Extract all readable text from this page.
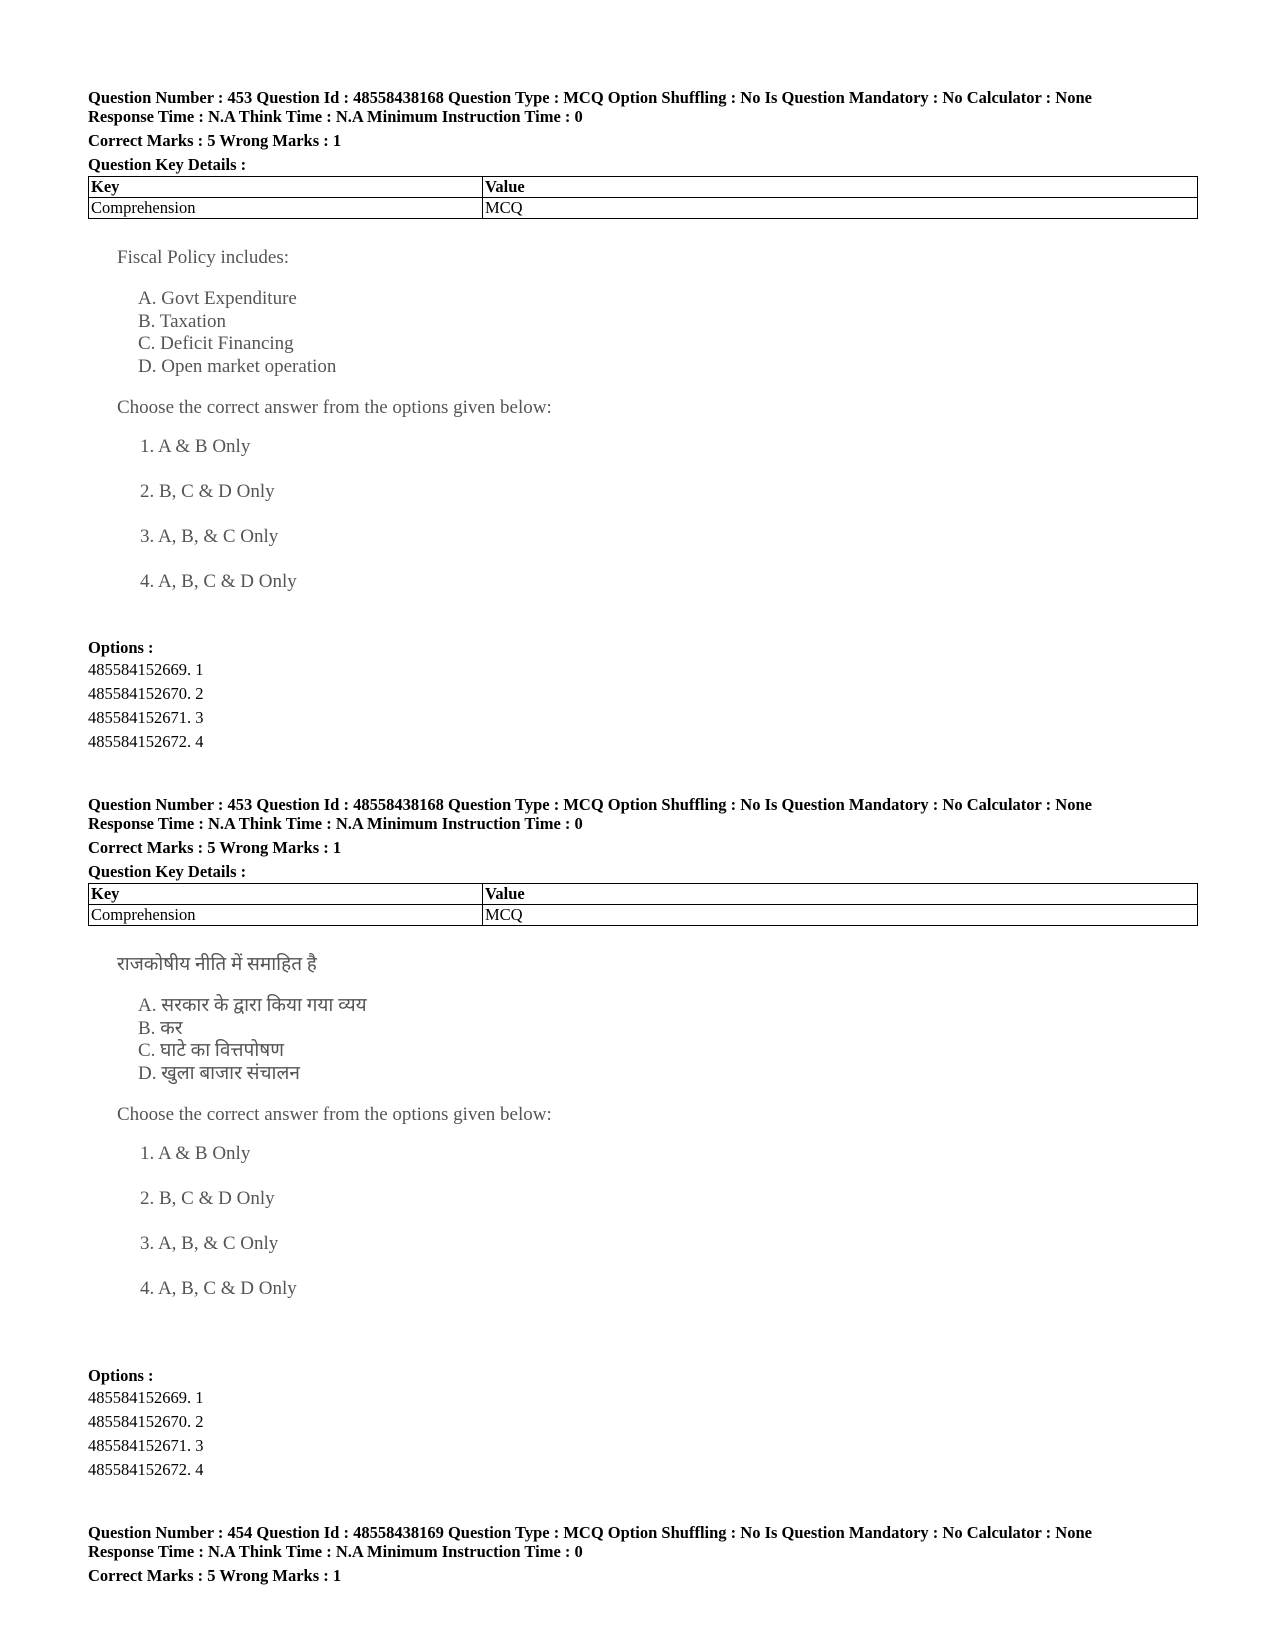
Question Number : 453 Question Id : 48558438168 Question Type : MCQ Option Shuffling : No Is Question Mandatory : No Calculator : None
Response Time : N.A Think Time : N.A Minimum Instruction Time : 0
Correct Marks : 5 Wrong Marks : 1
Question Key Details :
Key	Value
Comprehension	MCQ
Fiscal Policy includes:
A. Govt Expenditure
B. Taxation
C. Deficit Financing
D. Open market operation
Choose the correct answer from the options given below:
1. A & B Only
2. B, C & D Only
3. A, B, & C Only
4. A, B, C & D Only
Options :
485584152669. 1
485584152670. 2
485584152671. 3
485584152672. 4
Question Number : 453 Question Id : 48558438168 Question Type : MCQ Option Shuffling : No Is Question Mandatory : No Calculator : None
Response Time : N.A Think Time : N.A Minimum Instruction Time : 0
Correct Marks : 5 Wrong Marks : 1
Question Key Details :
Key	Value
Comprehension	MCQ
राजकोषीय नीति में समाहित है
A. सरकार के द्वारा किया गया व्यय
B. कर
C. घाटे का वित्तपोषण
D. खुला बाजार संचालन
Choose the correct answer from the options given below:
1. A & B Only
2. B, C & D Only
3. A, B, & C Only
4. A, B, C & D Only
Options :
485584152669. 1
485584152670. 2
485584152671. 3
485584152672. 4
Question Number : 454 Question Id : 48558438169 Question Type : MCQ Option Shuffling : No Is Question Mandatory : No Calculator : None
Response Time : N.A Think Time : N.A Minimum Instruction Time : 0
Correct Marks : 5 Wrong Marks : 1
